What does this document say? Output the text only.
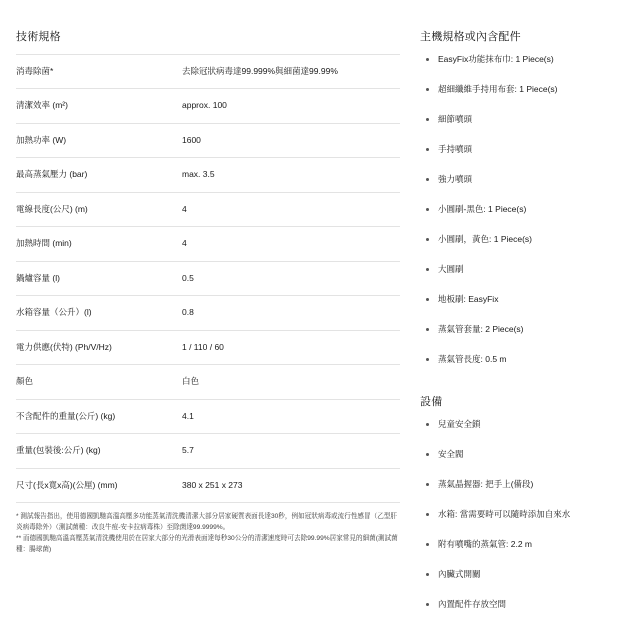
技術規格
消毒除菌*	去除冠狀病毒達99.999%與細菌達99.99%
清潔效率 (m²)	approx. 100
加熱功率 (W)	1600
最高蒸氣壓力 (bar)	max. 3.5
電線長度(公尺) (m)	4
加熱時間 (min)	4
鍋爐容量 (l)	0.5
水箱容量（公升）(l)	0.8
電力供應(伏特) (Ph/V/Hz)	1 / 110 / 60
顏色	白色
不含配件的重量(公斤) (kg)	4.1
重量(包裝後:公斤) (kg)	5.7
尺寸(長x寬x高)(公厘) (mm)	380 x 251 x 273

* 測試報告指出，使用德國凱馳高溫高壓多功能蒸氣清洗機清潔大部分居家硬質表面長達30秒，例如冠狀病毒或流行性感冒（乙型肝炎病毒除外）（測試菌種：改良牛痘-安卡拉病毒株）至除菌達99.9999%。

** 而德國凱馳高溫高壓蒸氣清洗機使用於在居家大部分的光滑表面達每秒30公分的清潔速度時可去除99.99%居家常見的細菌(測試菌種：腸球菌)

主機規格或內含配件
EasyFix功能抹布巾: 1 Piece(s)
超細纖維手持用布套: 1 Piece(s)
細節噴頭
手持噴頭
強力噴頭
小圓刷-黑色: 1 Piece(s)
小圓刷，黃色: 1 Piece(s)
大圓刷
地板刷: EasyFix
蒸氣管套量: 2 Piece(s)
蒸氣管長度: 0.5 m
設備
兒童安全鎖
安全閥
蒸氣晶握器: 把手上(備段)
水箱: 當需要時可以隨時添加自來水
附有噴嘴的蒸氣管: 2.2 m
內臟式開關
內置配件存放空間
